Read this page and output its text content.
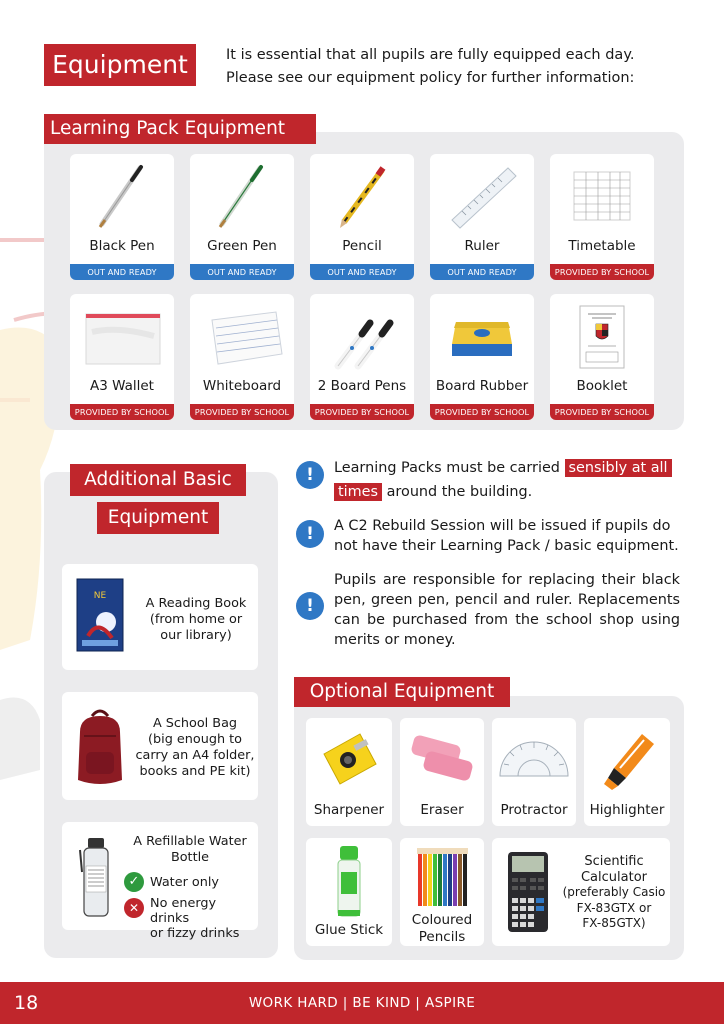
Equipment	It is essential that all pupils are fully equipped each day.
Please see our equipment policy for further information:
Learning Pack Equipment
Black Pen
OUT AND READY
Green Pen
OUT AND READY
Pencil
OUT AND READY
Ruler
OUT AND READY
Timetable
PROVIDED BY SCHOOL
A3 Wallet
PROVIDED BY SCHOOL
Whiteboard
PROVIDED BY SCHOOL
2 Board Pens
PROVIDED BY SCHOOL
Board Rubber
PROVIDED BY SCHOOL
Booklet
PROVIDED BY SCHOOL
Additional Basic
Equipment
NE	A Reading Book
(from home or
our library)
A School Bag
(big enough to
carry an A4 folder,
books and PE kit)
A Refillable Water
Bottle
✓ Water only
✕ No energy drinks
or fizzy drinks
!	Learning Packs must be carried sensibly at all
times around the building.
!	A C2 Rebuild Session will be issued if pupils do not have their Learning Pack / basic equipment.
!
Pupils are responsible for replacing their black pen, green pen, pencil and ruler. Replacements can be purchased from the school shop using merits or money.
Optional Equipment
Sharpener	Eraser	Protractor	Highlighter
Glue Stick
Coloured
Pencils
Scientific
Calculator
(preferably Casio
FX-83GTX or
FX-85GTX)
18	WORK HARD | BE KIND | ASPIRE
